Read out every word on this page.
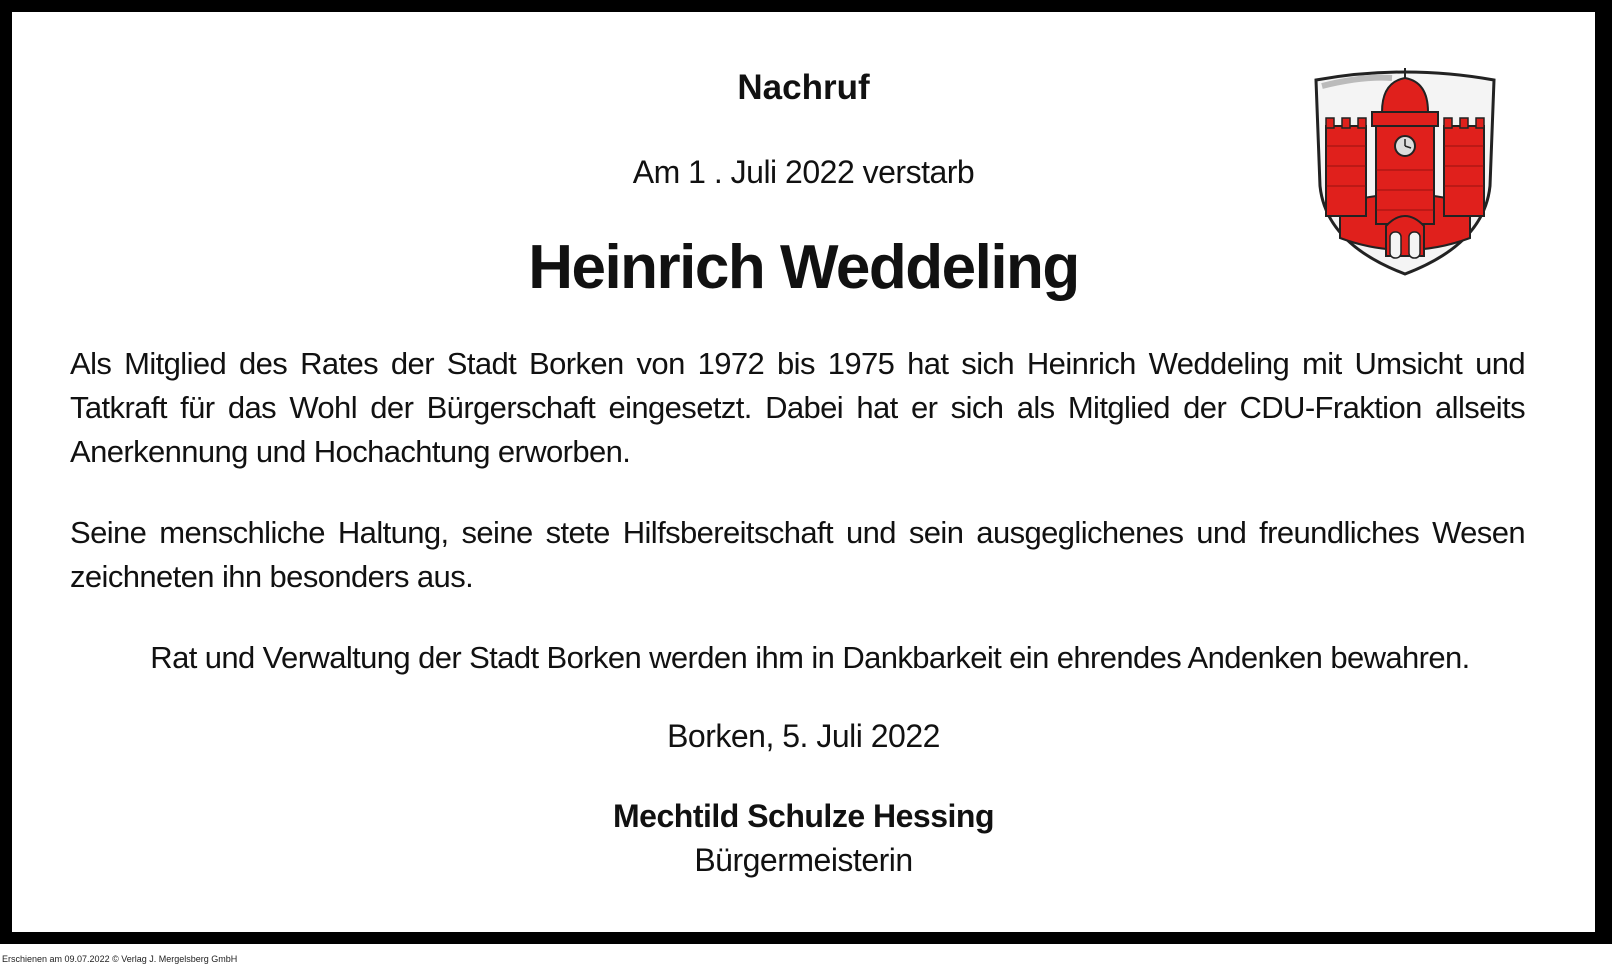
Nachruf
Am 1 . Juli 2022 verstarb
Heinrich Weddeling
Als Mitglied des Rates der Stadt Borken von 1972 bis 1975 hat sich Heinrich Weddeling mit Umsicht und Tatkraft für das Wohl der Bürgerschaft eingesetzt. Dabei hat er sich als Mitglied der CDU-Fraktion allseits Anerkennung und Hochachtung erworben.
Seine menschliche Haltung, seine stete Hilfsbereitschaft und sein ausgeglichenes und freundliches Wesen zeichneten ihn besonders aus.
Rat und Verwaltung der Stadt Borken werden ihm in Dankbarkeit ein ehrendes Andenken bewahren.
Borken, 5. Juli 2022
Mechtild Schulze Hessing
Bürgermeisterin
Erschienen am 09.07.2022 © Verlag J. Mergelsberg GmbH
